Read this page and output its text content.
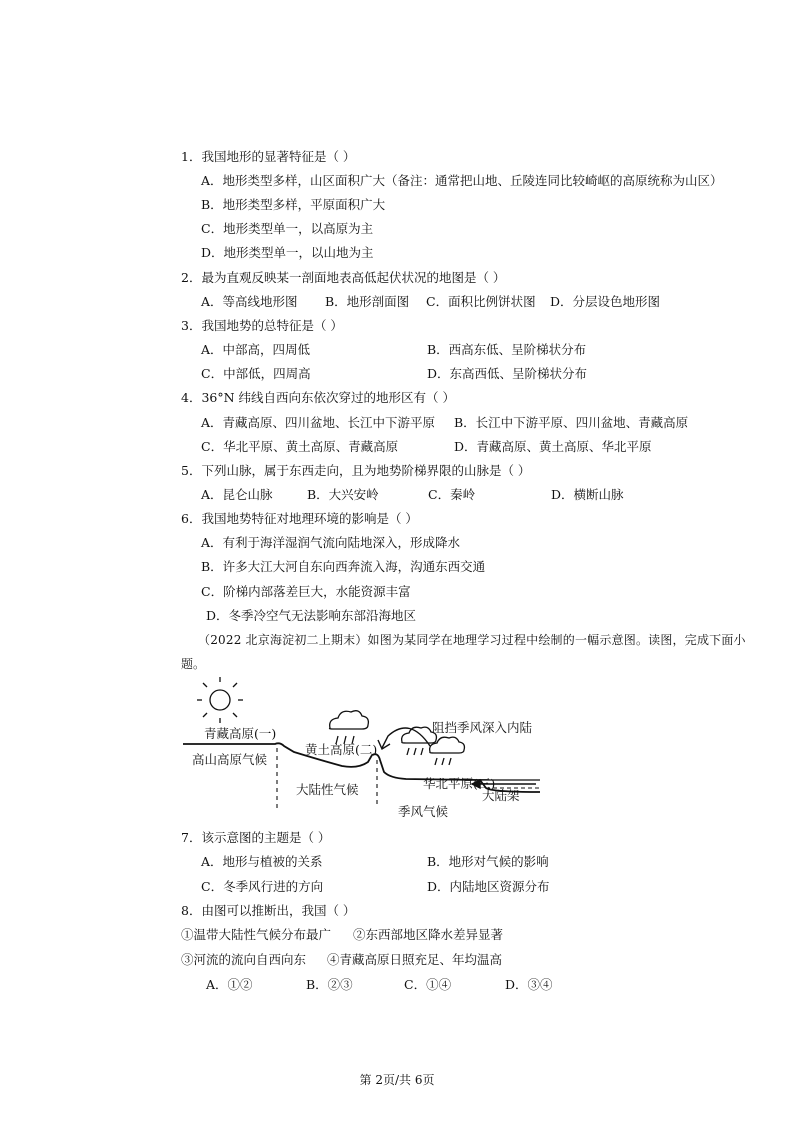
1．我国地形的显著特征是（ ）
A．地形类型多样，山区面积广大（备注：通常把山地、丘陵连同比较崎岖的高原统称为山区）
B．地形类型多样，平原面积广大
C．地形类型单一，以高原为主
D．地形类型单一，以山地为主
2．最为直观反映某一剖面地表高低起伏状况的地图是（ ）
A．等高线地形图 B．地形剖面图 C．面积比例饼状图 D．分层设色地形图
3．我国地势的总特征是（ ）
A．中部高，四周低	B．西高东低、呈阶梯状分布
C．中部低，四周高	D．东高西低、呈阶梯状分布
4．36°N 纬线自西向东依次穿过的地形区有（ ）
A．青藏高原、四川盆地、长江中下游平原 B．长江中下游平原、四川盆地、青藏高原
C．华北平原、黄土高原、青藏高原	D．青藏高原、黄土高原、华北平原
5．下列山脉，属于东西走向，且为地势阶梯界限的山脉是（ ）
A．昆仑山脉	B．大兴安岭	C．秦岭	D．横断山脉
6．我国地势特征对地理环境的影响是（ ）
A．有利于海洋湿润气流向陆地深入，形成降水
B．许多大江大河自东向西奔流入海，沟通东西交通
C．阶梯内部落差巨大，水能资源丰富
D．冬季冷空气无法影响东部沿海地区
（2022 北京海淀初二上期末）如图为某同学在地理学习过程中绘制的一幅示意图。读图，完成下面小
题。
青藏高原(一)
高山高原气候
黄土高原(二)
大陆性气候
阻挡季风深入内陆
华北平原(三)
大陆架
季风气候
7．该示意图的主题是（ ）
A．地形与植被的关系	B．地形对气候的影响
C．冬季风行进的方向	D．内陆地区资源分布
8．由图可以推断出，我国（ ）
①温带大陆性气候分布最广 ②东西部地区降水差异显著
③河流的流向自西向东 ④青藏高原日照充足、年均温高
A．①②	B．②③	C．①④	D．③④
第 2页/共 6页
